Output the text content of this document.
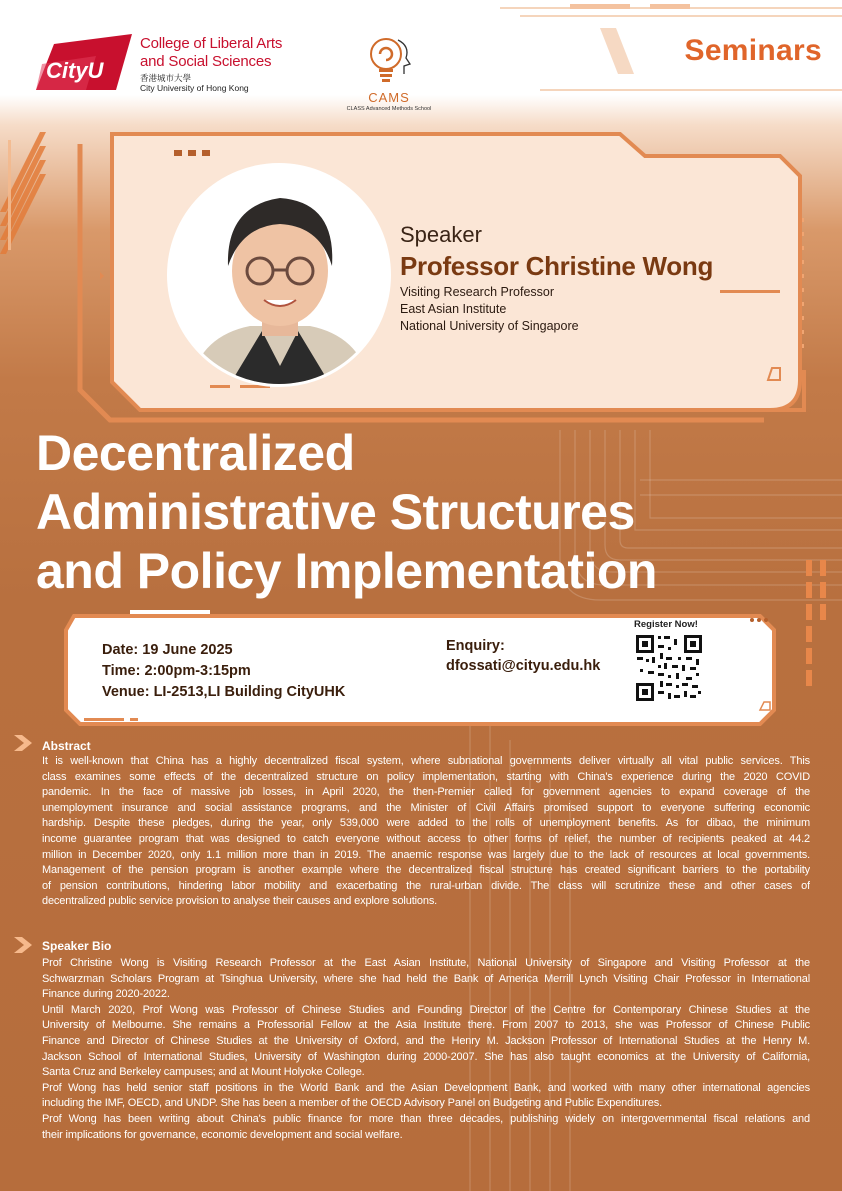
CityU
College of Liberal Arts
and Social Sciences
香港城市大學
City University of Hong Kong
CAMS
CLASS Advanced Methods School
Seminars
Speaker
Professor Christine Wong
Visiting Research Professor
East Asian Institute
National University of Singapore
Decentralized
Administrative Structures
and Policy Implementation
Date: 19 June 2025
Time: 2:00pm-3:15pm
Venue: LI-2513,LI Building CityUHK
Enquiry:
dfossati@cityu.edu.hk
Register Now!
Abstract
It is well-known that China has a highly decentralized fiscal system, where subnational governments deliver virtually all vital public services. This
class examines some effects of the decentralized structure on policy implementation, starting with China's experience during the 2020 COVID
pandemic. In the face of massive job losses, in April 2020, the then-Premier called for government agencies to expand coverage of the
unemployment insurance and social assistance programs, and the Minister of Civil Affairs promised support to everyone suffering economic
hardship. Despite these pledges, during the year, only 539,000 were added to the rolls of unemployment benefits. As for dibao, the minimum
income guarantee program that was designed to catch everyone without access to other forms of relief, the number of recipients peaked at 44.2
million in December 2020, only 1.1 million more than in 2019. The anaemic response was largely due to the lack of resources at local governments.
Management of the pension program is another example where the decentralized fiscal structure has created significant barriers to the portability
of pension contributions, hindering labor mobility and exacerbating the rural-urban divide. The class will scrutinize these and other cases of
decentralized public service provision to analyse their causes and explore solutions.
Speaker Bio
Prof Christine Wong is Visiting Research Professor at the East Asian Institute, National University of Singapore and Visiting Professor at the
Schwarzman Scholars Program at Tsinghua University, where she had held the Bank of America Merrill Lynch Visiting Chair Professor in International
Finance during 2020-2022.
Until March 2020, Prof Wong was Professor of Chinese Studies and Founding Director of the Centre for Contemporary Chinese Studies at the
University of Melbourne. She remains a Professorial Fellow at the Asia Institute there. From 2007 to 2013, she was Professor of Chinese Public
Finance and Director of Chinese Studies at the University of Oxford, and the Henry M. Jackson Professor of International Studies at the Henry M.
Jackson School of International Studies, University of Washington during 2000-2007. She has also taught economics at the University of California,
Santa Cruz and Berkeley campuses; and at Mount Holyoke College.
Prof Wong has held senior staff positions in the World Bank and the Asian Development Bank, and worked with many other international agencies
including the IMF, OECD, and UNDP. She has been a member of the OECD Advisory Panel on Budgeting and Public Expenditures.
Prof Wong has been writing about China's public finance for more than three decades, publishing widely on intergovernmental fiscal relations and
their implications for governance, economic development and social welfare.
